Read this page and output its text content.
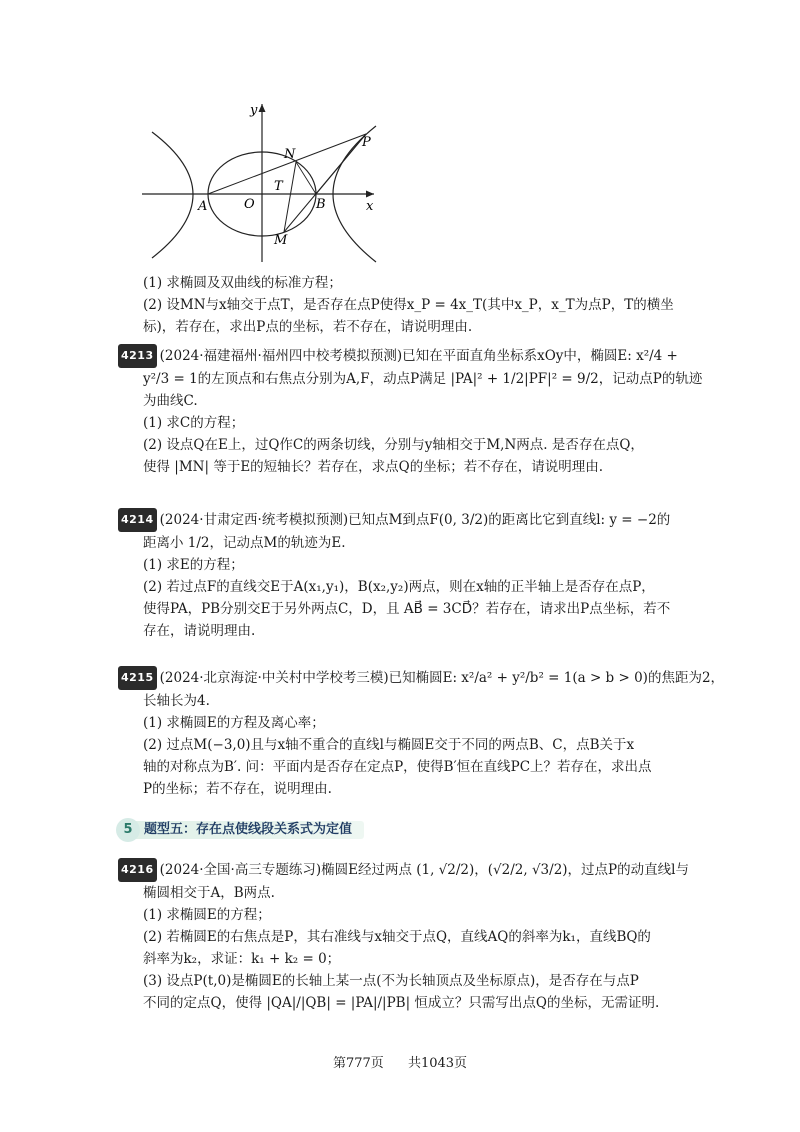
y
x
O
A	B
N
T
M
P
(1) 求椭圆及双曲线的标准方程；
(2) 设MN与x轴交于点T，是否存在点P使得x_P = 4x_T(其中x_P，x_T为点P，T的横坐
标)，若存在，求出P点的坐标，若不存在，请说明理由.
4213 (2024·福建福州·福州四中校考模拟预测)已知在平面直角坐标系xOy中，椭圆E: x²/4 +
y²/3 = 1的左顶点和右焦点分别为A,F，动点P满足 |PA|² + 1/2|PF|² = 9/2，记动点P的轨迹
为曲线C.
(1) 求C的方程；
(2) 设点Q在E上，过Q作C的两条切线，分别与y轴相交于M,N两点. 是否存在点Q，
使得 |MN| 等于E的短轴长？若存在，求点Q的坐标；若不存在，请说明理由.
4214 (2024·甘肃定西·统考模拟预测)已知点M到点F(0, 3/2)的距离比它到直线l: y = −2的
距离小 1/2，记动点M的轨迹为E.
(1) 求E的方程；
(2) 若过点F的直线交E于A(x₁,y₁)，B(x₂,y₂)两点，则在x轴的正半轴上是否存在点P，
使得PA，PB分别交E于另外两点C，D，且 AB⃗ = 3CD⃗？若存在，请求出P点坐标，若不
存在，请说明理由.
4215 (2024·北京海淀·中关村中学校考三模)已知椭圆E: x²/a² + y²/b² = 1(a > b > 0)的焦距为2，
长轴长为4.
(1) 求椭圆E的方程及离心率；
(2) 过点M(−3,0)且与x轴不重合的直线l与椭圆E交于不同的两点B、C，点B关于x
轴的对称点为B′. 问：平面内是否存在定点P，使得B′恒在直线PC上？若存在，求出点
P的坐标；若不存在，说明理由.
题型五：存在点使线段关系式为定值
5
4216 (2024·全国·高三专题练习)椭圆E经过两点 (1, √2/2)，(√2/2, √3/2)，过点P的动直线l与
椭圆相交于A，B两点.
(1) 求椭圆E的方程；
(2) 若椭圆E的右焦点是P，其右准线与x轴交于点Q，直线AQ的斜率为k₁，直线BQ的
斜率为k₂，求证：k₁ + k₂ = 0；
(3) 设点P(t,0)是椭圆E的长轴上某一点(不为长轴顶点及坐标原点)，是否存在与点P
不同的定点Q，使得 |QA|/|QB| = |PA|/|PB| 恒成立？只需写出点Q的坐标，无需证明.
第777页 共1043页
